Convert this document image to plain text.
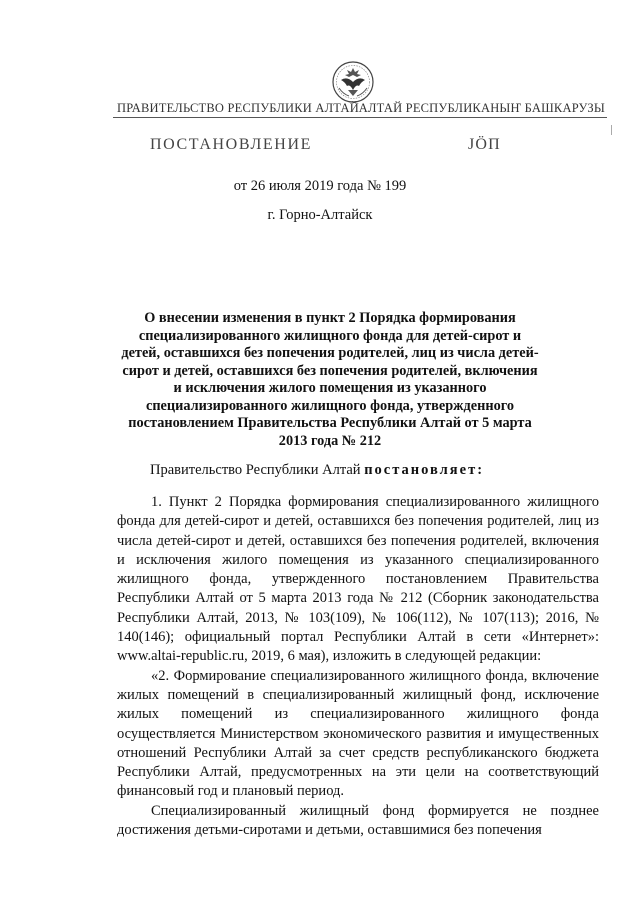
ПРАВИТЕЛЬСТВО РЕСПУБЛИКИ АЛТАЙ АЛТАЙ РЕСПУБЛИКАНЫҤ БАШКАРУЗЫ
ПОСТАНОВЛЕНИЕ	ЈӦП
от 26 июля 2019 года № 199
г. Горно-Алтайск
О внесении изменения в пункт 2 Порядка формирования специализированного жилищного фонда для детей-сирот и детей, оставшихся без попечения родителей, лиц из числа детей-сирот и детей, оставшихся без попечения родителей, включения и исключения жилого помещения из указанного специализированного жилищного фонда, утвержденного постановлением Правительства Республики Алтай от 5 марта 2013 года № 212
Правительство Республики Алтай постановляет:

1. Пункт 2 Порядка формирования специализированного жилищного фонда для детей-сирот и детей, оставшихся без попечения родителей, лиц из числа детей-сирот и детей, оставшихся без попечения родителей, включения и исключения жилого помещения из указанного специализированного жилищного фонда, утвержденного постановлением Правительства Республики Алтай от 5 марта 2013 года № 212 (Сборник законодательства Республики Алтай, 2013, № 103(109), № 106(112), № 107(113); 2016, № 140(146); официальный портал Республики Алтай в сети «Интернет»: www.altai-republic.ru, 2019, 6 мая), изложить в следующей редакции:

«2. Формирование специализированного жилищного фонда, включение жилых помещений в специализированный жилищный фонд, исключение жилых помещений из специализированного жилищного фонда осуществляется Министерством экономического развития и имущественных отношений Республики Алтай за счет средств республиканского бюджета Республики Алтай, предусмотренных на эти цели на соответствующий финансовый год и плановый период.

Специализированный жилищный фонд формируется не позднее достижения детьми-сиротами и детьми, оставшимися без попечения
